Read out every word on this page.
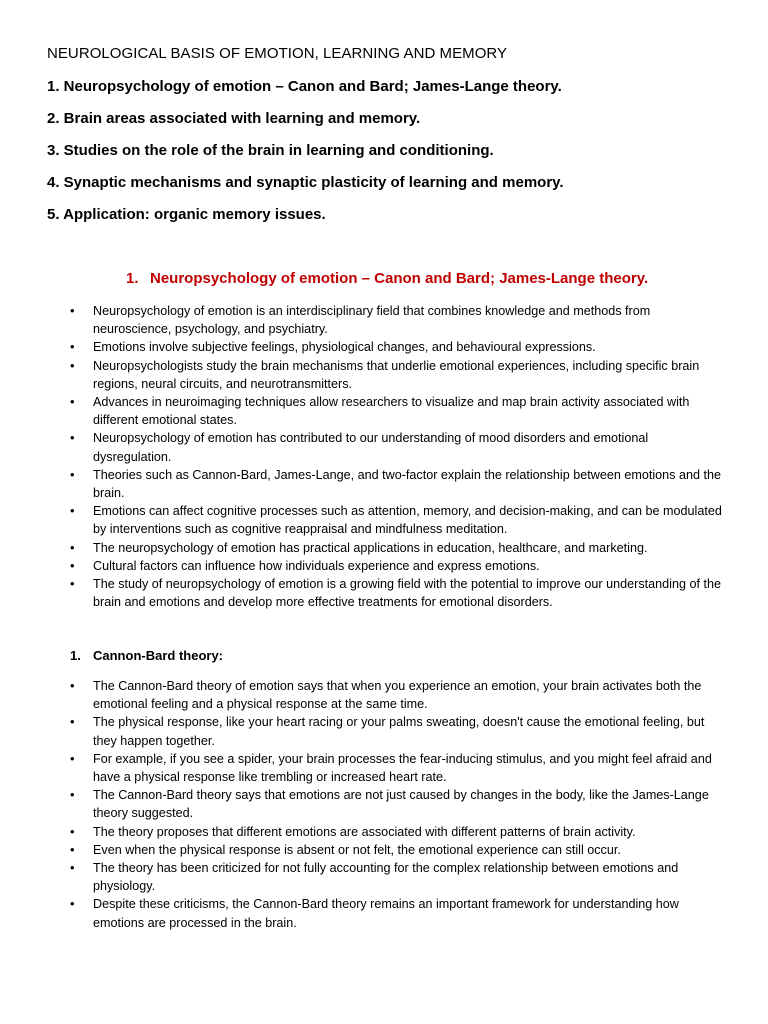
NEUROLOGICAL BASIS OF EMOTION, LEARNING AND MEMORY
1. Neuropsychology of emotion – Canon and Bard; James-Lange theory.
2. Brain areas associated with learning and memory.
3. Studies on the role of the brain in learning and conditioning.
4. Synaptic mechanisms and synaptic plasticity of learning and memory.
5. Application: organic memory issues.
1. Neuropsychology of emotion – Canon and Bard; James-Lange theory.
• Neuropsychology of emotion is an interdisciplinary field that combines knowledge and methods from neuroscience, psychology, and psychiatry.
• Emotions involve subjective feelings, physiological changes, and behavioural expressions.
• Neuropsychologists study the brain mechanisms that underlie emotional experiences, including specific brain regions, neural circuits, and neurotransmitters.
• Advances in neuroimaging techniques allow researchers to visualize and map brain activity associated with different emotional states.
• Neuropsychology of emotion has contributed to our understanding of mood disorders and emotional dysregulation.
• Theories such as Cannon-Bard, James-Lange, and two-factor explain the relationship between emotions and the brain.
• Emotions can affect cognitive processes such as attention, memory, and decision-making, and can be modulated by interventions such as cognitive reappraisal and mindfulness meditation.
• The neuropsychology of emotion has practical applications in education, healthcare, and marketing.
• Cultural factors can influence how individuals experience and express emotions.
• The study of neuropsychology of emotion is a growing field with the potential to improve our understanding of the brain and emotions and develop more effective treatments for emotional disorders.
1. Cannon-Bard theory:
• The Cannon-Bard theory of emotion says that when you experience an emotion, your brain activates both the emotional feeling and a physical response at the same time.
• The physical response, like your heart racing or your palms sweating, doesn't cause the emotional feeling, but they happen together.
• For example, if you see a spider, your brain processes the fear-inducing stimulus, and you might feel afraid and have a physical response like trembling or increased heart rate.
• The Cannon-Bard theory says that emotions are not just caused by changes in the body, like the James-Lange theory suggested.
• The theory proposes that different emotions are associated with different patterns of brain activity.
• Even when the physical response is absent or not felt, the emotional experience can still occur.
• The theory has been criticized for not fully accounting for the complex relationship between emotions and physiology.
• Despite these criticisms, the Cannon-Bard theory remains an important framework for understanding how emotions are processed in the brain.
